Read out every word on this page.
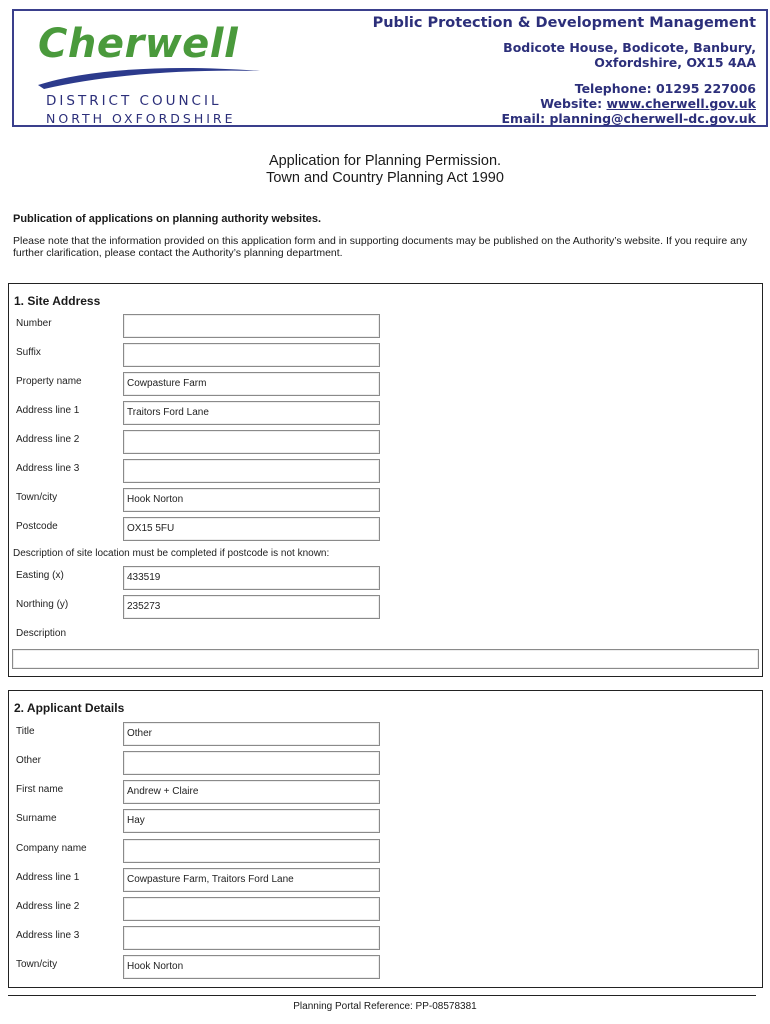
Cherwell
DISTRICT COUNCIL
NORTH OXFORDSHIRE
Public Protection & Development Management
Bodicote House, Bodicote, Banbury,
Oxfordshire, OX15 4AA
Telephone: 01295 227006
Website: www.cherwell.gov.uk
Email: planning@cherwell-dc.gov.uk
Application for Planning Permission.
Town and Country Planning Act 1990
Publication of applications on planning authority websites.
Please note that the information provided on this application form and in supporting documents may be published on the Authority’s website. If you require any further clarification, please contact the Authority’s planning department.
1. Site Address
Number
Suffix
Property name	Cowpasture Farm
Address line 1	Traitors Ford Lane
Address line 2
Address line 3
Town/city	Hook Norton
Postcode	OX15 5FU
Description of site location must be completed if postcode is not known:
Easting (x)	433519
Northing (y)	235273
Description
2. Applicant Details
Title	Other
Other
First name	Andrew + Claire
Surname	Hay
Company name
Address line 1	Cowpasture Farm, Traitors Ford Lane
Address line 2
Address line 3
Town/city	Hook Norton
Planning Portal Reference: PP-08578381
